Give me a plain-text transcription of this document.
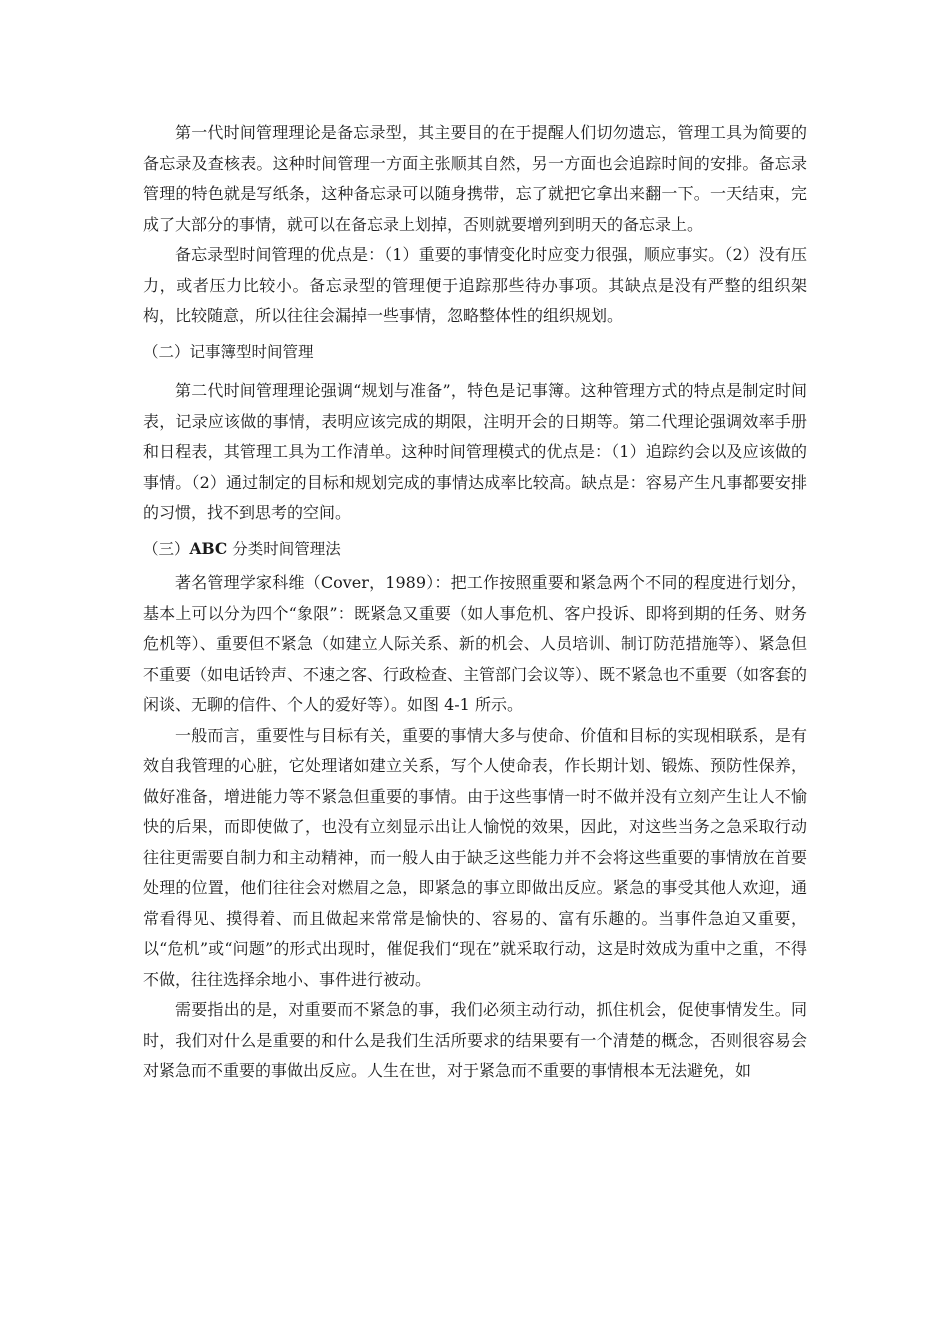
第一代时间管理理论是备忘录型，其主要目的在于提醒人们切勿遗忘，管理工具为简要的备忘录及查核表。这种时间管理一方面主张顺其自然，另一方面也会追踪时间的安排。备忘录管理的特色就是写纸条，这种备忘录可以随身携带，忘了就把它拿出来翻一下。一天结束，完成了大部分的事情，就可以在备忘录上划掉，否则就要增列到明天的备忘录上。

备忘录型时间管理的优点是：（1）重要的事情变化时应变力很强，顺应事实。（2）没有压力，或者压力比较小。备忘录型的管理便于追踪那些待办事项。其缺点是没有严整的组织架构，比较随意，所以往往会漏掉一些事情，忽略整体性的组织规划。

（二）记事簿型时间管理

第二代时间管理理论强调“规划与准备”，特色是记事簿。这种管理方式的特点是制定时间表，记录应该做的事情，表明应该完成的期限，注明开会的日期等。第二代理论强调效率手册和日程表，其管理工具为工作清单。这种时间管理模式的优点是：（1）追踪约会以及应该做的事情。（2）通过制定的目标和规划完成的事情达成率比较高。缺点是：容易产生凡事都要安排的习惯，找不到思考的空间。

（三）ABC 分类时间管理法

著名管理学家科维（Cover，1989）：把工作按照重要和紧急两个不同的程度进行划分，基本上可以分为四个“象限”：既紧急又重要（如人事危机、客户投诉、即将到期的任务、财务危机等）、重要但不紧急（如建立人际关系、新的机会、人员培训、制订防范措施等）、紧急但不重要（如电话铃声、不速之客、行政检查、主管部门会议等）、既不紧急也不重要（如客套的闲谈、无聊的信件、个人的爱好等）。如图 4-1 所示。

一般而言，重要性与目标有关，重要的事情大多与使命、价值和目标的实现相联系，是有效自我管理的心脏，它处理诸如建立关系，写个人使命表，作长期计划、锻炼、预防性保养，做好准备，增进能力等不紧急但重要的事情。由于这些事情一时不做并没有立刻产生让人不愉快的后果，而即使做了，也没有立刻显示出让人愉悦的效果，因此，对这些当务之急采取行动往往更需要自制力和主动精神，而一般人由于缺乏这些能力并不会将这些重要的事情放在首要处理的位置，他们往往会对燃眉之急，即紧急的事立即做出反应。紧急的事受其他人欢迎，通常看得见、摸得着、而且做起来常常是愉快的、容易的、富有乐趣的。当事件急迫又重要，以“危机”或“问题”的形式出现时，催促我们“现在”就采取行动，这是时效成为重中之重，不得不做，往往选择余地小、事件进行被动。

需要指出的是，对重要而不紧急的事，我们必须主动行动，抓住机会，促使事情发生。同时，我们对什么是重要的和什么是我们生活所要求的结果要有一个清楚的概念，否则很容易会对紧急而不重要的事做出反应。人生在世，对于紧急而不重要的事情根本无法避免，如
